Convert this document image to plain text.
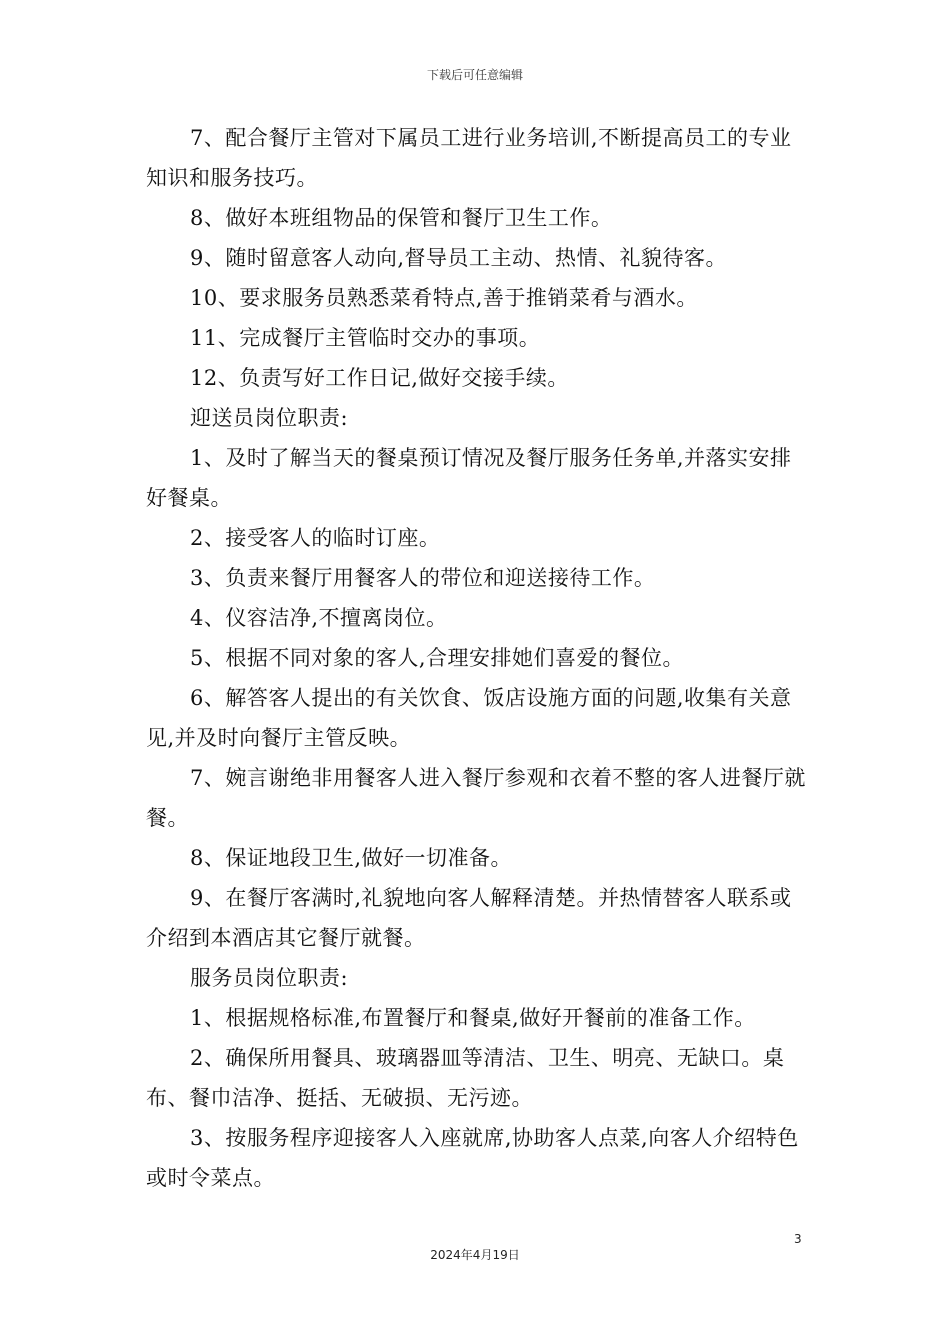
下载后可任意编辑

7、配合餐厅主管对下属员工进行业务培训,不断提高员工的专业知识和服务技巧。

8、做好本班组物品的保管和餐厅卫生工作。

9、随时留意客人动向,督导员工主动、热情、礼貌待客。

10、要求服务员熟悉菜肴特点,善于推销菜肴与酒水。

11、完成餐厅主管临时交办的事项。

12、负责写好工作日记,做好交接手续。

迎送员岗位职责:

1、及时了解当天的餐桌预订情况及餐厅服务任务单,并落实安排好餐桌。

2、接受客人的临时订座。

3、负责来餐厅用餐客人的带位和迎送接待工作。

4、仪容洁净,不擅离岗位。

5、根据不同对象的客人,合理安排她们喜爱的餐位。

6、解答客人提出的有关饮食、饭店设施方面的问题,收集有关意见,并及时向餐厅主管反映。

7、婉言谢绝非用餐客人进入餐厅参观和衣着不整的客人进餐厅就餐。

8、保证地段卫生,做好一切准备。

9、在餐厅客满时,礼貌地向客人解释清楚。并热情替客人联系或介绍到本酒店其它餐厅就餐。

服务员岗位职责:

1、根据规格标准,布置餐厅和餐桌,做好开餐前的准备工作。

2、确保所用餐具、玻璃器皿等清洁、卫生、明亮、无缺口。桌布、餐巾洁净、挺括、无破损、无污迹。

3、按服务程序迎接客人入座就席,协助客人点菜,向客人介绍特色或时令菜点。

3
2024年4月19日
